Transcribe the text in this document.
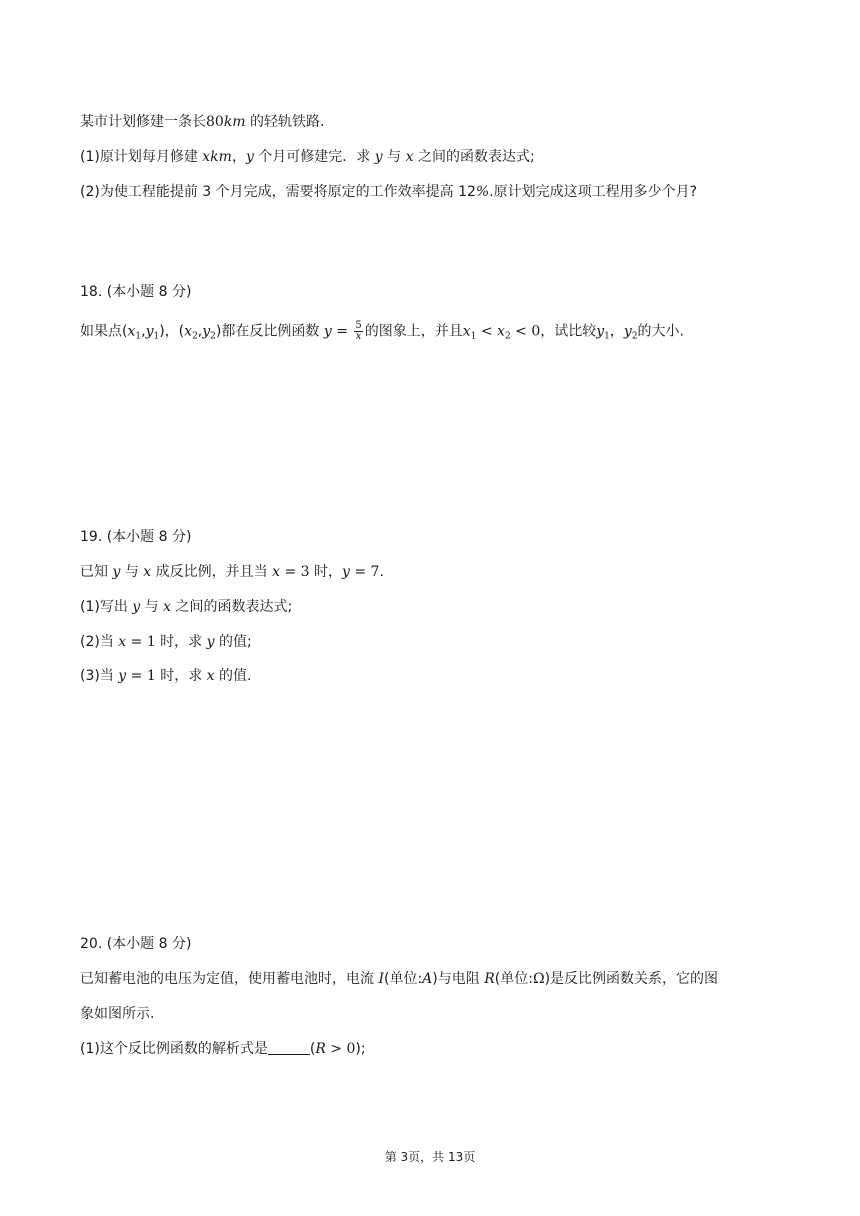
某市计划修建一条长80km 的轻轨铁路.
(1)原计划每月修建 xkm，y 个月可修建完．求 y 与 x 之间的函数表达式;
(2)为使工程能提前 3 个月完成，需要将原定的工作效率提高 12%.原计划完成这项工程用多少个月?
18. (本小题 8 分)
如果点$(x_1,y_1)$，$(x_2,y_2)$都在反比例函数 $y = \frac{5}{x}$ 的图象上，并且$x_1 < x_2 < 0$，试比较$y_1$，$y_2$的大小.
19. (本小题 8 分)
已知 y 与 x 成反比例，并且当 x = 3 时，y = 7.
(1)写出 y 与 x 之间的函数表达式;
(2)当 x = 1 时，求 y 的值;
(3)当 y = 1 时，求 x 的值.
20. (本小题 8 分)
已知蓄电池的电压为定值，使用蓄电池时，电流 I(单位:A)与电阻 R(单位:Ω)是反比例函数关系，它的图
象如图所示.
(1)这个反比例函数的解析式是	(R > 0);
第 3页，共 13页
